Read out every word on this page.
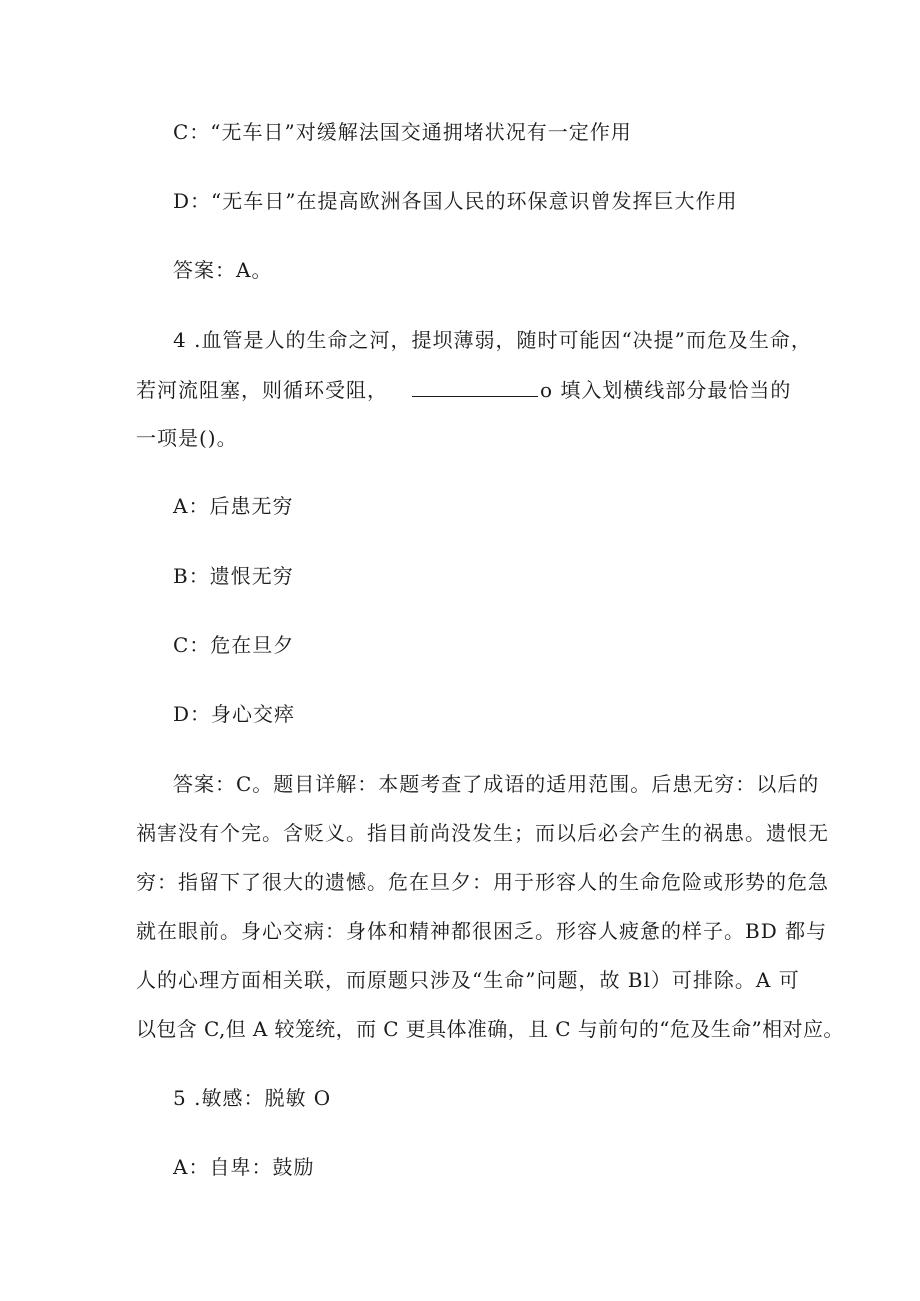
C：“无车日”对缓解法国交通拥堵状况有一定作用
D：“无车日”在提高欧洲各国人民的环保意识曾发挥巨大作用
答案：A。
4 .血管是人的生命之河，提坝薄弱，随时可能因“决提”而危及生命，
若河流阻塞，则循环受阻，	o 填入划横线部分最恰当的
一项是()。
A：后患无穷
B：遗恨无穷
C：危在旦夕
D：身心交瘁
答案：C。题目详解：本题考查了成语的适用范围。后患无穷：以后的
祸害没有个完。含贬义。指目前尚没发生；而以后必会产生的祸患。遗恨无
穷：指留下了很大的遗憾。危在旦夕：用于形容人的生命危险或形势的危急
就在眼前。身心交病：身体和精神都很困乏。形容人疲惫的样子。BD 都与
人的心理方面相关联，而原题只涉及“生命”问题，故 Bl）可排除。A 可
以包含 C,但 A 较笼统，而 C 更具体准确，且 C 与前句的“危及生命”相对应。
5 .敏感：脱敏 O
A：自卑：鼓励
